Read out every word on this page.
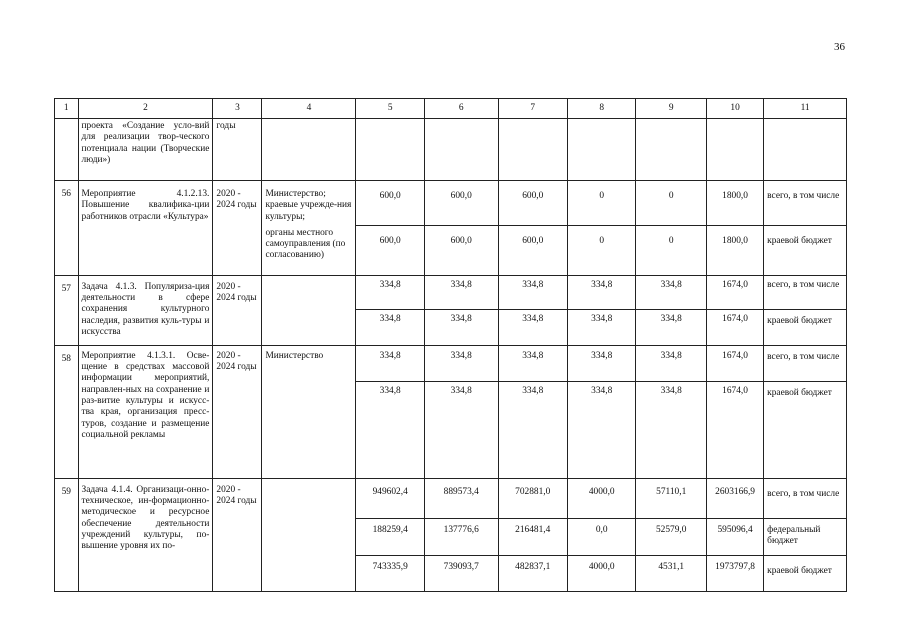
36
1	2	3	4	5	6	7	8	9	10	11
	проекта «Создание усло-вий для реализации твор-ческого потенциала нации (Творческие люди»)	годы								
56	Мероприятие 4.1.2.13. Повышение квалифика-ции работников отрасли «Культура»	2020 - 2024 годы	Министерство; краевые учрежде-ния культуры;	600,0	600,0	600,0	0	0	1800,0	всего, в том числе
			органы местного самоуправления (по согласованию)	600,0	600,0	600,0	0	0	1800,0	краевой бюджет
57	Задача 4.1.3. Популяриза-ция деятельности в сфере сохранения культурного наследия, развития куль-туры и искусства	2020 - 2024 годы		334,8	334,8	334,8	334,8	334,8	1674,0	всего, в том числе
				334,8	334,8	334,8	334,8	334,8	1674,0	краевой бюджет
58	Мероприятие 4.1.3.1. Осве-щение в средствах массовой информации мероприятий, направлен-ных на сохранение и раз-витие культуры и искусс-тва края, организация пресс-туров, создание и размещение социальной рекламы	2020 - 2024 годы	Министерство	334,8	334,8	334,8	334,8	334,8	1674,0	всего, в том числе
				334,8	334,8	334,8	334,8	334,8	1674,0	краевой бюджет
59	Задача 4.1.4. Организаци-онно-техническое, ин-формационно-методическое и ресурсное обеспечение деятельности учреждений культуры, по-вышение уровня их по-	2020 - 2024 годы		949602,4	889573,4	702881,0	4000,0	57110,1	2603166,9	всего, в том числе
				188259,4	137776,6	216481,4	0,0	52579,0	595096,4	федеральный бюджет
				743335,9	739093,7	482837,1	4000,0	4531,1	1973797,8	краевой бюджет
